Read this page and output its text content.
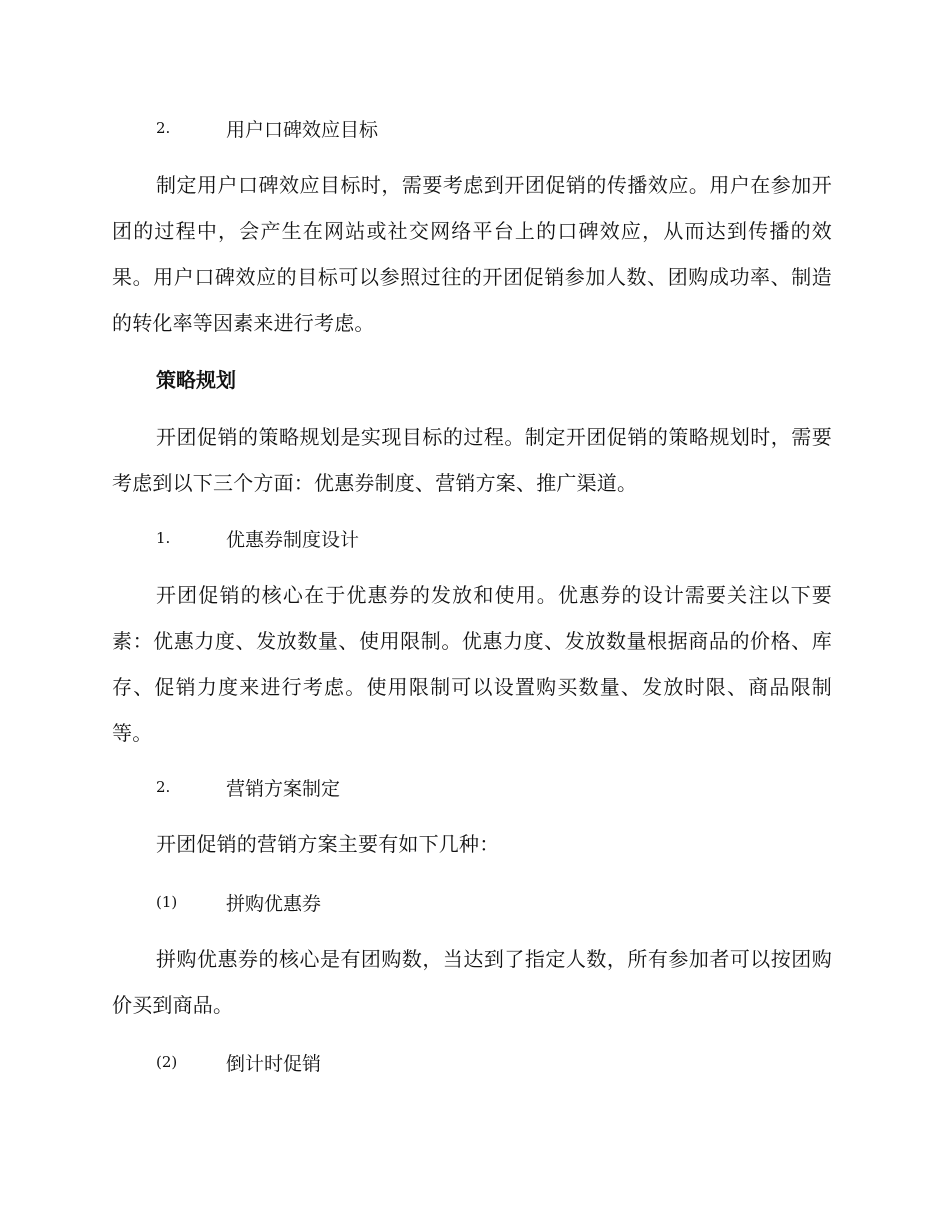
2.	用户口碑效应目标
制定用户口碑效应目标时，需要考虑到开团促销的传播效应。用户在参加开团的过程中，会产生在网站或社交网络平台上的口碑效应，从而达到传播的效果。用户口碑效应的目标可以参照过往的开团促销参加人数、团购成功率、制造的转化率等因素来进行考虑。
策略规划
开团促销的策略规划是实现目标的过程。制定开团促销的策略规划时，需要考虑到以下三个方面：优惠券制度、营销方案、推广渠道。
1.	优惠券制度设计
开团促销的核心在于优惠券的发放和使用。优惠券的设计需要关注以下要素：优惠力度、发放数量、使用限制。优惠力度、发放数量根据商品的价格、库存、促销力度来进行考虑。使用限制可以设置购买数量、发放时限、商品限制等。
2.	营销方案制定
开团促销的营销方案主要有如下几种：
(1)	拼购优惠券
拼购优惠券的核心是有团购数，当达到了指定人数，所有参加者可以按团购价买到商品。
(2)	倒计时促销
